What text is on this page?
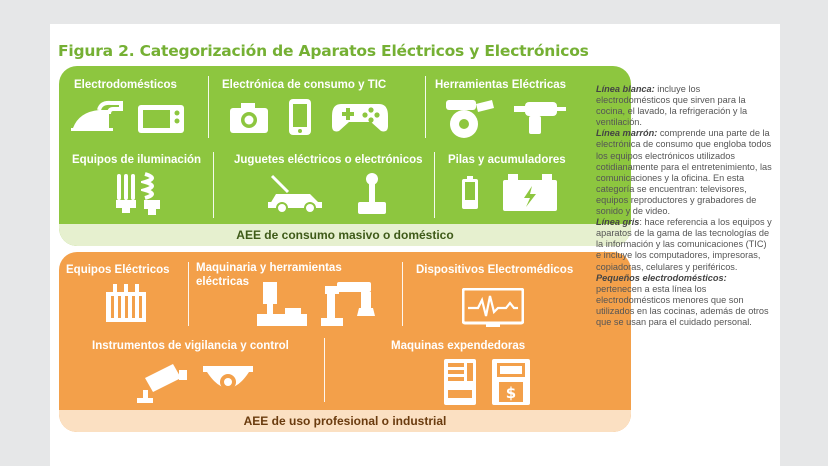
Figura 2. Categorización de Aparatos Eléctricos y Electrónicos
Electrodomésticos	Electrónica de consumo y TIC	Herramientas Eléctricas
Equipos de iluminación	Juguetes eléctricos o electrónicos Pilas y acumuladores
AEE de consumo masivo o doméstico
Equipos Eléctricos Maquinaria y herramientas
eléctricas
Dispositivos Electromédicos
Instrumentos de vigilancia y control	Maquinas expendedoras
$
AEE de uso profesional o industrial

Línea blanca: incluye los electrodomésticos que sirven para la cocina, el lavado, la refrigeración y la ventilación.

Línea marrón: comprende una parte de la electrónica de consumo que engloba todos los equipos electrónicos utilizados cotidianamente para el entretenimiento, las comunicaciones y la oficina. En esta categoría se encuentran: televisores, equipos reproductores y grabadores de sonido y de video.

Línea gris: hace referencia a los equipos y aparatos de la gama de las tecnologías de la información y las comunicaciones (TIC) e incluye los computadores, impresoras, copiadoras, celulares y periféricos.

Pequeños electrodomésticos: pertenecen a esta línea los electrodomésticos menores que son utilizados en las cocinas, además de otros que se usan para el cuidado personal.
